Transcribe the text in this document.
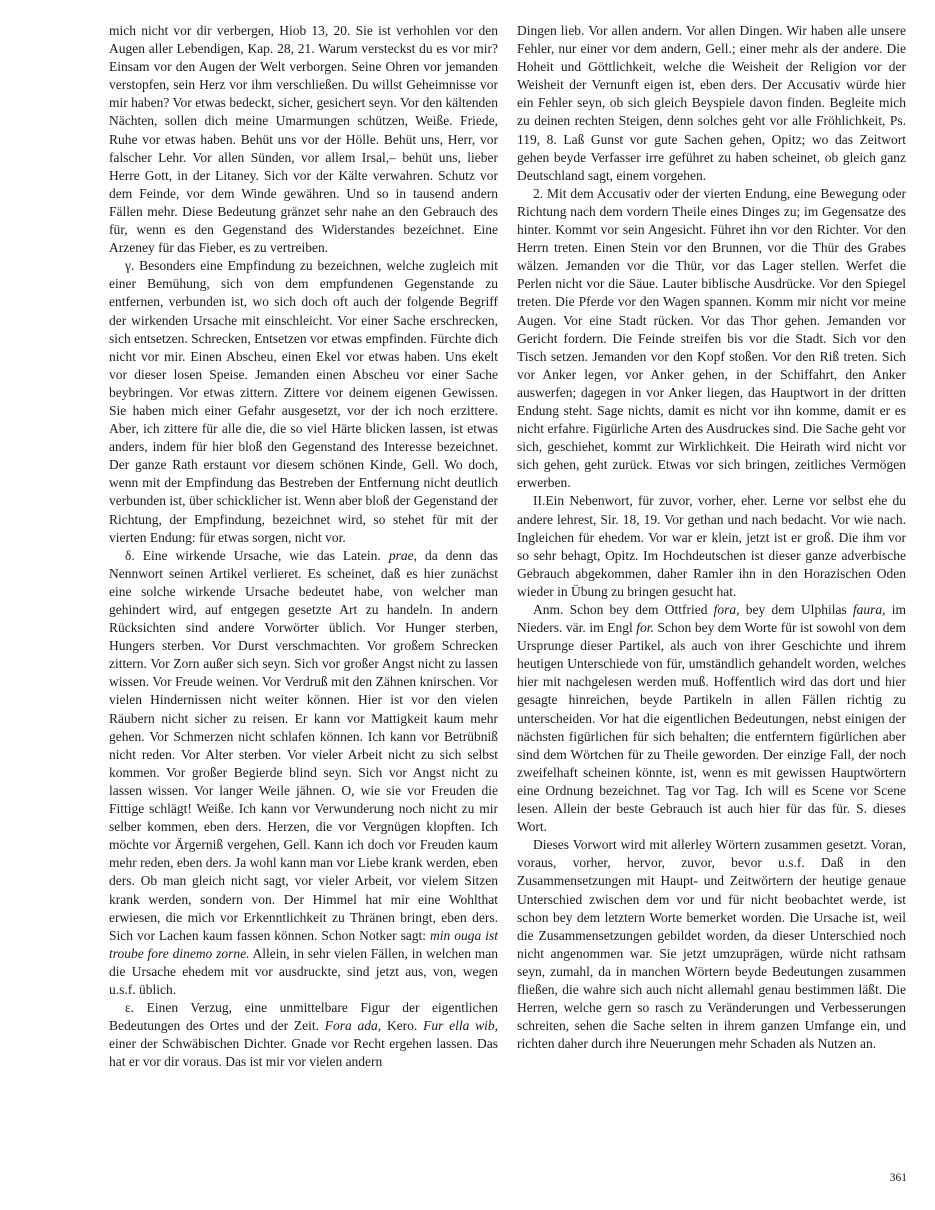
mich nicht vor dir verbergen, Hiob 13, 20. Sie ist verhohlen vor den Augen aller Lebendigen, Kap. 28, 21. Warum versteckst du es vor mir? Einsam vor den Augen der Welt verborgen. Seine Ohren vor jemanden verstopfen, sein Herz vor ihm verschließen. Du willst Geheimnisse vor mir haben? Vor etwas bedeckt, sicher, gesichert seyn. Vor den kältenden Nächten, sollen dich meine Umarmungen schützen, Weiße. Friede, Ruhe vor etwas haben. Behüt uns vor der Hölle. Behüt uns, Herr, vor falscher Lehr. Vor allen Sünden, vor allem Irsal,– behüt uns, lieber Herre Gott, in der Litaney. Sich vor der Kälte verwahren. Schutz vor dem Feinde, vor dem Winde gewähren. Und so in tausend andern Fällen mehr. Diese Bedeutung gränzet sehr nahe an den Gebrauch des für, wenn es den Gegenstand des Widerstandes bezeichnet. Eine Arzeney für das Fieber, es zu vertreiben.

γ. Besonders eine Empfindung zu bezeichnen, welche zugleich mit einer Bemühung, sich von dem empfundenen Gegenstande zu entfernen, verbunden ist, wo sich doch oft auch der folgende Begriff der wirkenden Ursache mit einschleicht. Vor einer Sache erschrecken, sich entsetzen. Schrecken, Entsetzen vor etwas empfinden. Fürchte dich nicht vor mir. Einen Abscheu, einen Ekel vor etwas haben. Uns ekelt vor dieser losen Speise. Jemanden einen Abscheu vor einer Sache beybringen. Vor etwas zittern. Zittere vor deinem eigenen Gewissen. Sie haben mich einer Gefahr ausgesetzt, vor der ich noch erzittere. Aber, ich zittere für alle die, die so viel Härte blicken lassen, ist etwas anders, indem für hier bloß den Gegenstand des Interesse bezeichnet. Der ganze Rath erstaunt vor diesem schönen Kinde, Gell. Wo doch, wenn mit der Empfindung das Bestreben der Entfernung nicht deutlich verbunden ist, über schicklicher ist. Wenn aber bloß der Gegenstand der Richtung, der Empfindung, bezeichnet wird, so stehet für mit der vierten Endung: für etwas sorgen, nicht vor.

δ. Eine wirkende Ursache, wie das Latein. prae, da denn das Nennwort seinen Artikel verlieret. Es scheinet, daß es hier zunächst eine solche wirkende Ursache bedeutet habe, von welcher man gehindert wird, auf entgegen gesetzte Art zu handeln. In andern Rücksichten sind andere Vorwörter üblich. Vor Hunger sterben, Hungers sterben. Vor Durst verschmachten. Vor großem Schrecken zittern. Vor Zorn außer sich seyn. Sich vor großer Angst nicht zu lassen wissen. Vor Freude weinen. Vor Verdruß mit den Zähnen knirschen. Vor vielen Hindernissen nicht weiter können. Hier ist vor den vielen Räubern nicht sicher zu reisen. Er kann vor Mattigkeit kaum mehr gehen. Vor Schmerzen nicht schlafen können. Ich kann vor Betrübniß nicht reden. Vor Alter sterben. Vor vieler Arbeit nicht zu sich selbst kommen. Vor großer Begierde blind seyn. Sich vor Angst nicht zu lassen wissen. Vor langer Weile jähnen. O, wie sie vor Freuden die Fittige schlägt! Weiße. Ich kann vor Verwunderung noch nicht zu mir selber kommen, eben ders. Herzen, die vor Vergnügen klopften. Ich möchte vor Ärgerniß vergehen, Gell. Kann ich doch vor Freuden kaum mehr reden, eben ders. Ja wohl kann man vor Liebe krank werden, eben ders. Ob man gleich nicht sagt, vor vieler Arbeit, vor vielem Sitzen krank werden, sondern von. Der Himmel hat mir eine Wohlthat erwiesen, die mich vor Erkenntlichkeit zu Thränen bringt, eben ders. Sich vor Lachen kaum fassen können. Schon Notker sagt: min ouga ist troube fore dinemo zorne. Allein, in sehr vielen Fällen, in welchen man die Ursache ehedem mit vor ausdruckte, sind jetzt aus, von, wegen u.s.f. üblich.

ε. Einen Verzug, eine unmittelbare Figur der eigentlichen Bedeutungen des Ortes und der Zeit. Fora ada, Kero. Fur ella wib, einer der Schwäbischen Dichter. Gnade vor Recht ergehen lassen. Das hat er vor dir voraus. Das ist mir vor vielen andern

Dingen lieb. Vor allen andern. Vor allen Dingen. Wir haben alle unsere Fehler, nur einer vor dem andern, Gell.; einer mehr als der andere. Die Hoheit und Göttlichkeit, welche die Weisheit der Religion vor der Weisheit der Vernunft eigen ist, eben ders. Der Accusativ würde hier ein Fehler seyn, ob sich gleich Beyspiele davon finden. Begleite mich zu deinen rechten Steigen, denn solches geht vor alle Fröhlichkeit, Ps. 119, 8. Laß Gunst vor gute Sachen gehen, Opitz; wo das Zeitwort gehen beyde Verfasser irre geführet zu haben scheinet, ob gleich ganz Deutschland sagt, einem vorgehen.

2. Mit dem Accusativ oder der vierten Endung, eine Bewegung oder Richtung nach dem vordern Theile eines Dinges zu; im Gegensatze des hinter. Kommt vor sein Angesicht. Führet ihn vor den Richter. Vor den Herrn treten. Einen Stein vor den Brunnen, vor die Thür des Grabes wälzen. Jemanden vor die Thür, vor das Lager stellen. Werfet die Perlen nicht vor die Säue. Lauter biblische Ausdrücke. Vor den Spiegel treten. Die Pferde vor den Wagen spannen. Komm mir nicht vor meine Augen. Vor eine Stadt rücken. Vor das Thor gehen. Jemanden vor Gericht fordern. Die Feinde streifen bis vor die Stadt. Sich vor den Tisch setzen. Jemanden vor den Kopf stoßen. Vor den Riß treten. Sich vor Anker legen, vor Anker gehen, in der Schiffahrt, den Anker auswerfen; dagegen in vor Anker liegen, das Hauptwort in der dritten Endung steht. Sage nichts, damit es nicht vor ihn komme, damit er es nicht erfahre. Figürliche Arten des Ausdruckes sind. Die Sache geht vor sich, geschiehet, kommt zur Wirklichkeit. Die Heirath wird nicht vor sich gehen, geht zurück. Etwas vor sich bringen, zeitliches Vermögen erwerben.

II.Ein Nebenwort, für zuvor, vorher, eher. Lerne vor selbst ehe du andere lehrest, Sir. 18, 19. Vor gethan und nach bedacht. Vor wie nach. Ingleichen für ehedem. Vor war er klein, jetzt ist er groß. Die ihm vor so sehr behagt, Opitz. Im Hochdeutschen ist dieser ganze adverbische Gebrauch abgekommen, daher Ramler ihn in den Horazischen Oden wieder in Übung zu bringen gesucht hat.

Anm. Schon bey dem Ottfried fora, bey dem Ulphilas faura, im Nieders. vär. im Engl for. Schon bey dem Worte für ist sowohl von dem Ursprunge dieser Partikel, als auch von ihrer Geschichte und ihrem heutigen Unterschiede von für, umständlich gehandelt worden, welches hier mit nachgelesen werden muß. Hoffentlich wird das dort und hier gesagte hinreichen, beyde Partikeln in allen Fällen richtig zu unterscheiden. Vor hat die eigentlichen Bedeutungen, nebst einigen der nächsten figürlichen für sich behalten; die entferntern figürlichen aber sind dem Wörtchen für zu Theile geworden. Der einzige Fall, der noch zweifelhaft scheinen könnte, ist, wenn es mit gewissen Hauptwörtern eine Ordnung bezeichnet. Tag vor Tag. Ich will es Scene vor Scene lesen. Allein der beste Gebrauch ist auch hier für das für. S. dieses Wort.

Dieses Vorwort wird mit allerley Wörtern zusammen gesetzt. Voran, voraus, vorher, hervor, zuvor, bevor u.s.f. Daß in den Zusammensetzungen mit Haupt- und Zeitwörtern der heutige genaue Unterschied zwischen dem vor und für nicht beobachtet werde, ist schon bey dem letztern Worte bemerket worden. Die Ursache ist, weil die Zusammensetzungen gebildet worden, da dieser Unterschied noch nicht angenommen war. Sie jetzt umzuprägen, würde nicht rathsam seyn, zumahl, da in manchen Wörtern beyde Bedeutungen zusammen fließen, die wahre sich auch nicht allemahl genau bestimmen läßt. Die Herren, welche gern so rasch zu Veränderungen und Verbesserungen schreiten, sehen die Sache selten in ihrem ganzen Umfange ein, und richten daher durch ihre Neuerungen mehr Schaden als Nutzen an.

361
